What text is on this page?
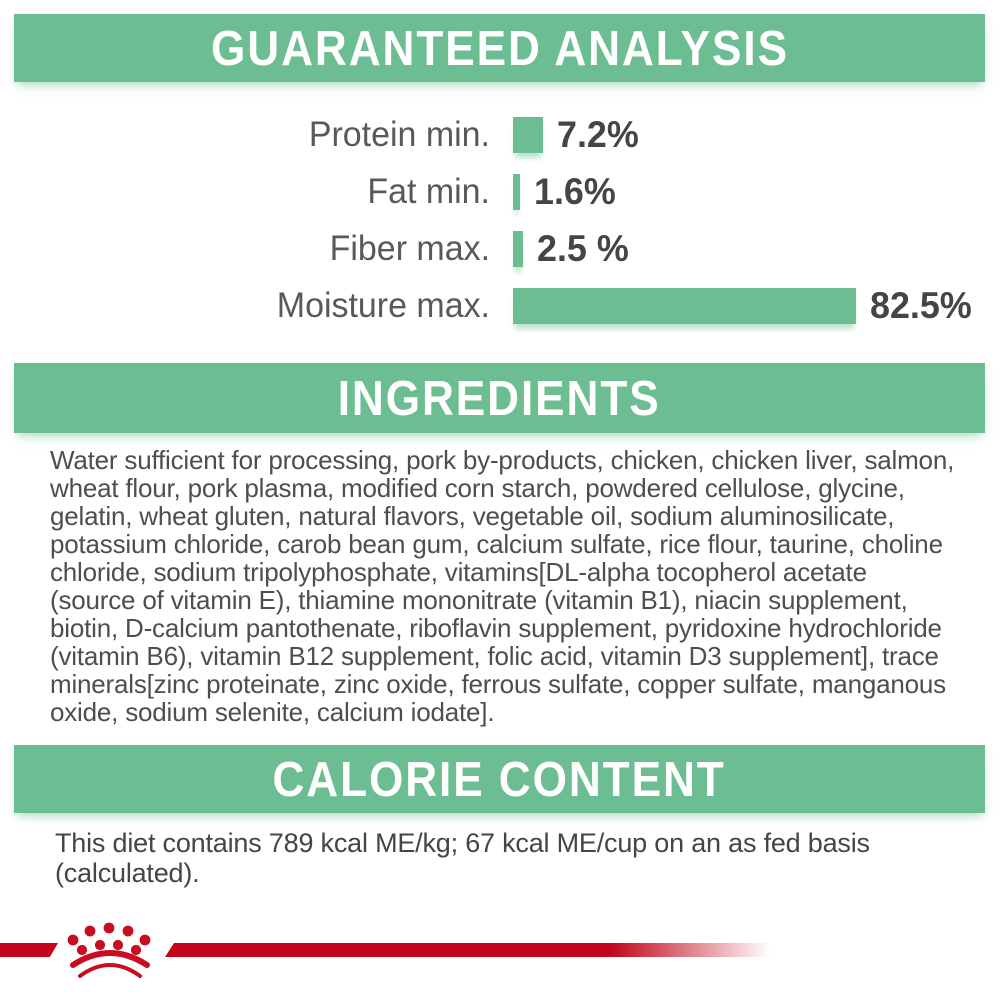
GUARANTEED ANALYSIS
Protein min. 7.2%
Fat min. 1.6%
Fiber max. 2.5 %
Moisture max.	82.5%
INGREDIENTS
Water sufficient for processing, pork by-products, chicken, chicken liver, salmon, wheat flour, pork plasma, modified corn starch, powdered cellulose, glycine, gelatin, wheat gluten, natural flavors, vegetable oil, sodium aluminosilicate, potassium chloride, carob bean gum, calcium sulfate, rice flour, taurine, choline chloride, sodium tripolyphosphate, vitamins[DL-alpha tocopherol acetate (source of vitamin E), thiamine mononitrate (vitamin B1), niacin supplement, biotin, D-calcium pantothenate, riboflavin supplement, pyridoxine hydrochloride (vitamin B6), vitamin B12 supplement, folic acid, vitamin D3 supplement], trace minerals[zinc proteinate, zinc oxide, ferrous sulfate, copper sulfate, manganous oxide, sodium selenite, calcium iodate].
CALORIE CONTENT
This diet contains 789 kcal ME/kg; 67 kcal ME/cup on an as fed basis (calculated).
